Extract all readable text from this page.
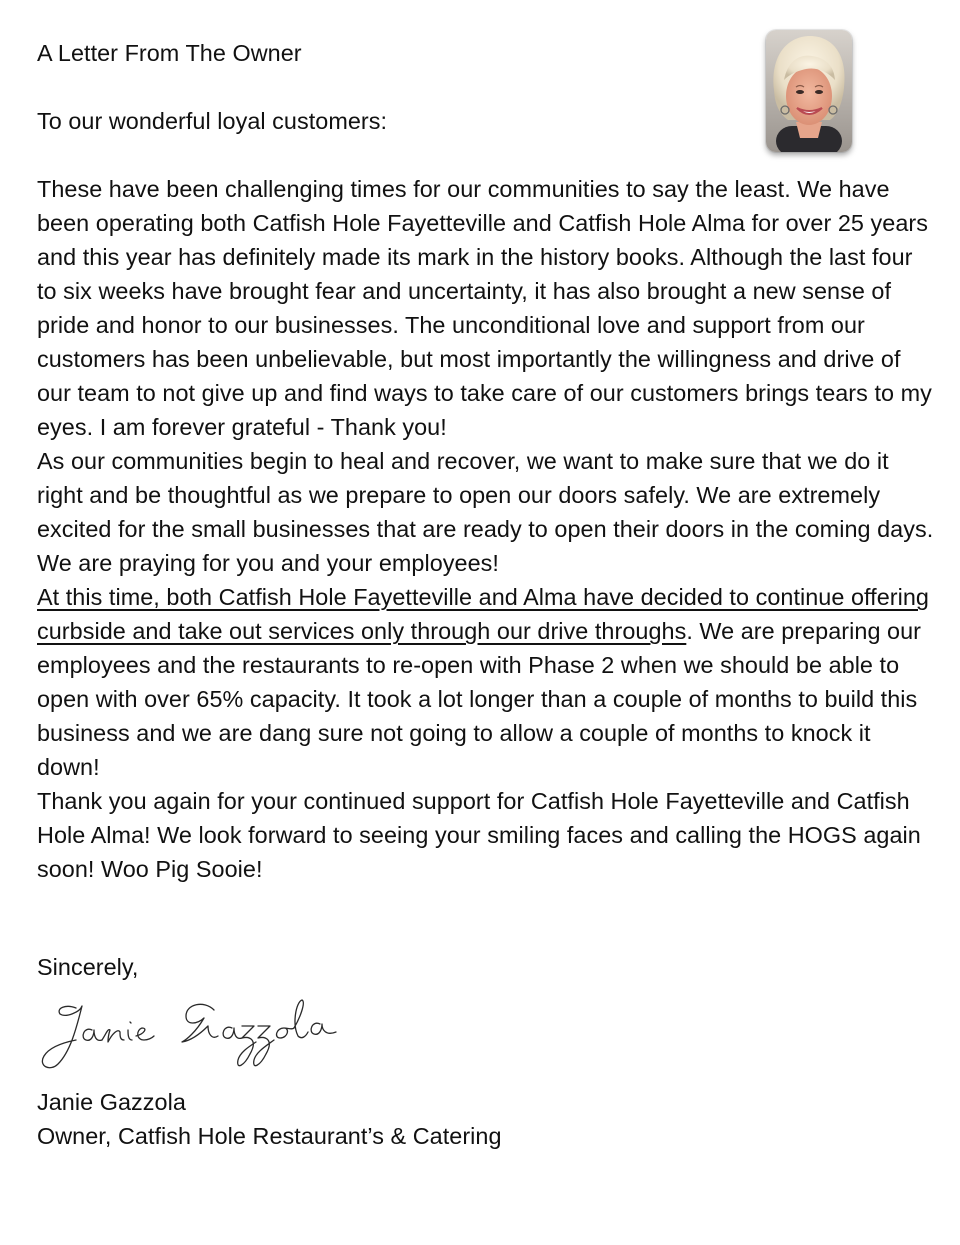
A Letter From The Owner
To our wonderful loyal customers:

These have been challenging times for our communities to say the least. We have been operating both Catfish Hole Fayetteville and Catfish Hole Alma for over 25 years and this year has definitely made its mark in the history books. Although the last four to six weeks have brought fear and uncertainty, it has also brought a new sense of pride and honor to our businesses. The unconditional love and support from our customers has been unbelievable, but most importantly the willingness and drive of our team to not give up and find ways to take care of our customers brings tears to my eyes. I am forever grateful - Thank you!

As our communities begin to heal and recover, we want to make sure that we do it right and be thoughtful as we prepare to open our doors safely. We are extremely excited for the small businesses that are ready to open their doors in the coming days. We are praying for you and your employees!

At this time, both Catfish Hole Fayetteville and Alma have decided to continue offering curbside and take out services only through our drive throughs. We are preparing our employees and the restaurants to re-open with Phase 2 when we should be able to open with over 65% capacity. It took a lot longer than a couple of months to build this business and we are dang sure not going to allow a couple of months to knock it down!

Thank you again for your continued support for Catfish Hole Fayetteville and Catfish Hole Alma! We look forward to seeing your smiling faces and calling the HOGS again soon! Woo Pig Sooie!

Sincerely,
Janie Gazzola
Owner, Catfish Hole Restaurant’s & Catering
